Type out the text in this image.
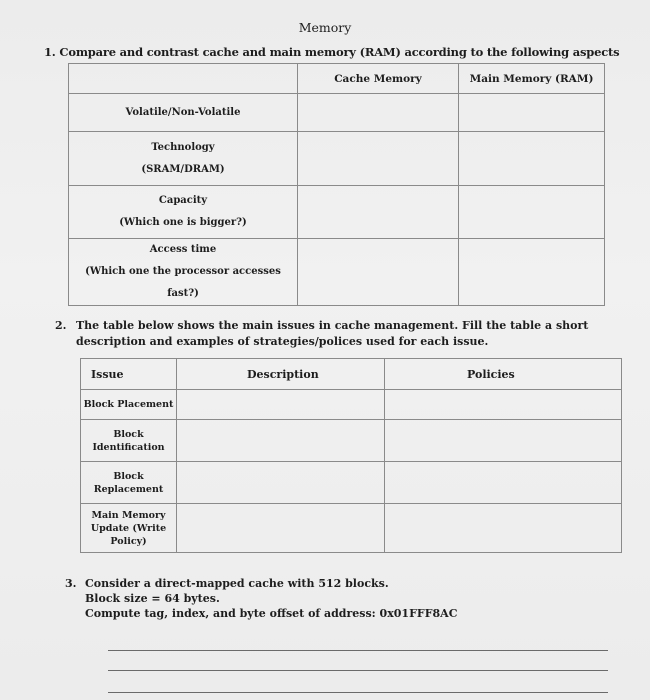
Memory
1. Compare and contrast cache and main memory (RAM) according to the following aspects
	Cache Memory	Main Memory (RAM)

Volatile/Non-Volatile		

Technology
(SRAM/DRAM)		

Capacity
(Which one is bigger?)		

Access time
(Which one the processor accesses fast?)		

2. The table below shows the main issues in cache management. Fill the table a short description and examples of strategies/polices used for each issue.
Issue	Description	Policies

Block Placement		

Block
Identification		

Block
Replacement		

Main Memory
Update (Write
Policy)		

3. Consider a direct-mapped cache with 512 blocks.
Block size = 64 bytes.
Compute tag, index, and byte offset of address: 0x01FFF8AC
